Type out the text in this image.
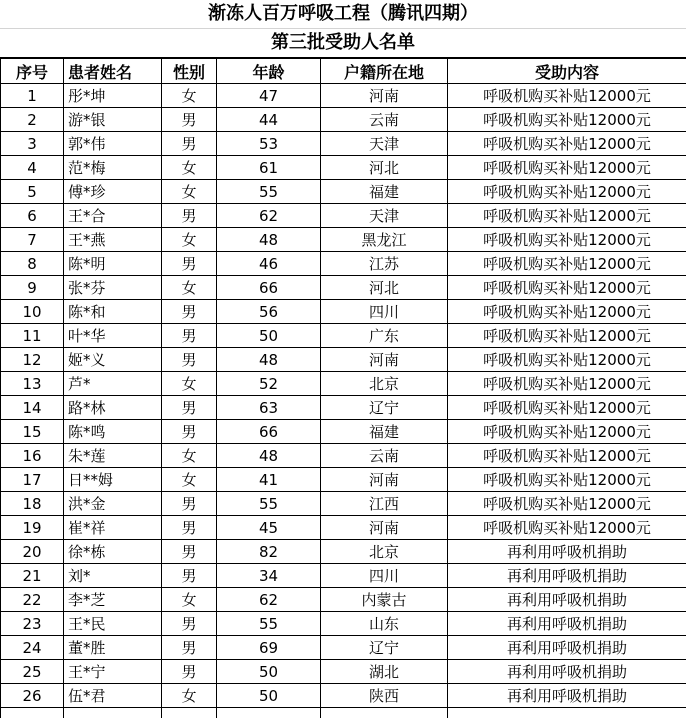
渐冻人百万呼吸工程（腾讯四期）
第三批受助人名单
序号	患者姓名	性别	年龄	户籍所在地	受助内容
1	彤*坤	女	47	河南	呼吸机购买补贴12000元
2	游*银	男	44	云南	呼吸机购买补贴12000元
3	郭*伟	男	53	天津	呼吸机购买补贴12000元
4	范*梅	女	61	河北	呼吸机购买补贴12000元
5	傅*珍	女	55	福建	呼吸机购买补贴12000元
6	王*合	男	62	天津	呼吸机购买补贴12000元
7	王*燕	女	48	黑龙江	呼吸机购买补贴12000元
8	陈*明	男	46	江苏	呼吸机购买补贴12000元
9	张*芬	女	66	河北	呼吸机购买补贴12000元
10	陈*和	男	56	四川	呼吸机购买补贴12000元
11	叶*华	男	50	广东	呼吸机购买补贴12000元
12	姬*义	男	48	河南	呼吸机购买补贴12000元
13	芦*	女	52	北京	呼吸机购买补贴12000元
14	路*林	男	63	辽宁	呼吸机购买补贴12000元
15	陈*鸣	男	66	福建	呼吸机购买补贴12000元
16	朱*莲	女	48	云南	呼吸机购买补贴12000元
17	日**姆	女	41	河南	呼吸机购买补贴12000元
18	洪*金	男	55	江西	呼吸机购买补贴12000元
19	崔*祥	男	45	河南	呼吸机购买补贴12000元
20	徐*栋	男	82	北京	再利用呼吸机捐助
21	刘*	男	34	四川	再利用呼吸机捐助
22	李*芝	女	62	内蒙古	再利用呼吸机捐助
23	王*民	男	55	山东	再利用呼吸机捐助
24	董*胜	男	69	辽宁	再利用呼吸机捐助
25	王*宁	男	50	湖北	再利用呼吸机捐助
26	伍*君	女	50	陕西	再利用呼吸机捐助
